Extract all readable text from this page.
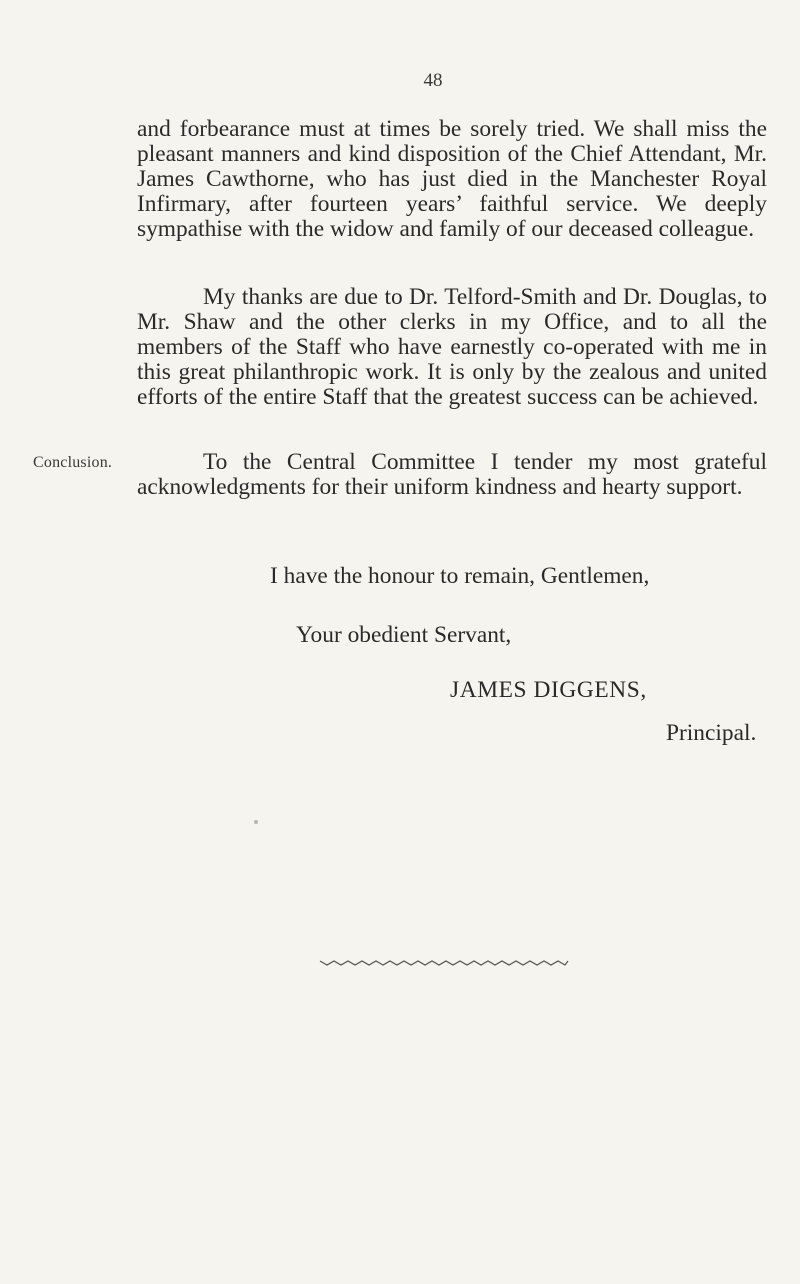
48

and forbearance must at times be sorely tried. We shall miss the pleasant manners and kind disposition of the Chief Attendant, Mr. James Cawthorne, who has just died in the Manchester Royal Infirmary, after fourteen years’ faithful service. We deeply sympathise with the widow and family of our deceased colleague.

My thanks are due to Dr. Telford-Smith and Dr. Douglas, to Mr. Shaw and the other clerks in my Office, and to all the members of the Staff who have earnestly co-operated with me in this great philanthropic work. It is only by the zealous and united efforts of the entire Staff that the greatest success can be achieved.

Conclusion.	To the Central Committee I tender my most grateful acknowledgments for their uniform kindness and hearty support.

I have the honour to remain, Gentlemen,
Your obedient Servant,
JAMES DIGGENS,
Principal.
